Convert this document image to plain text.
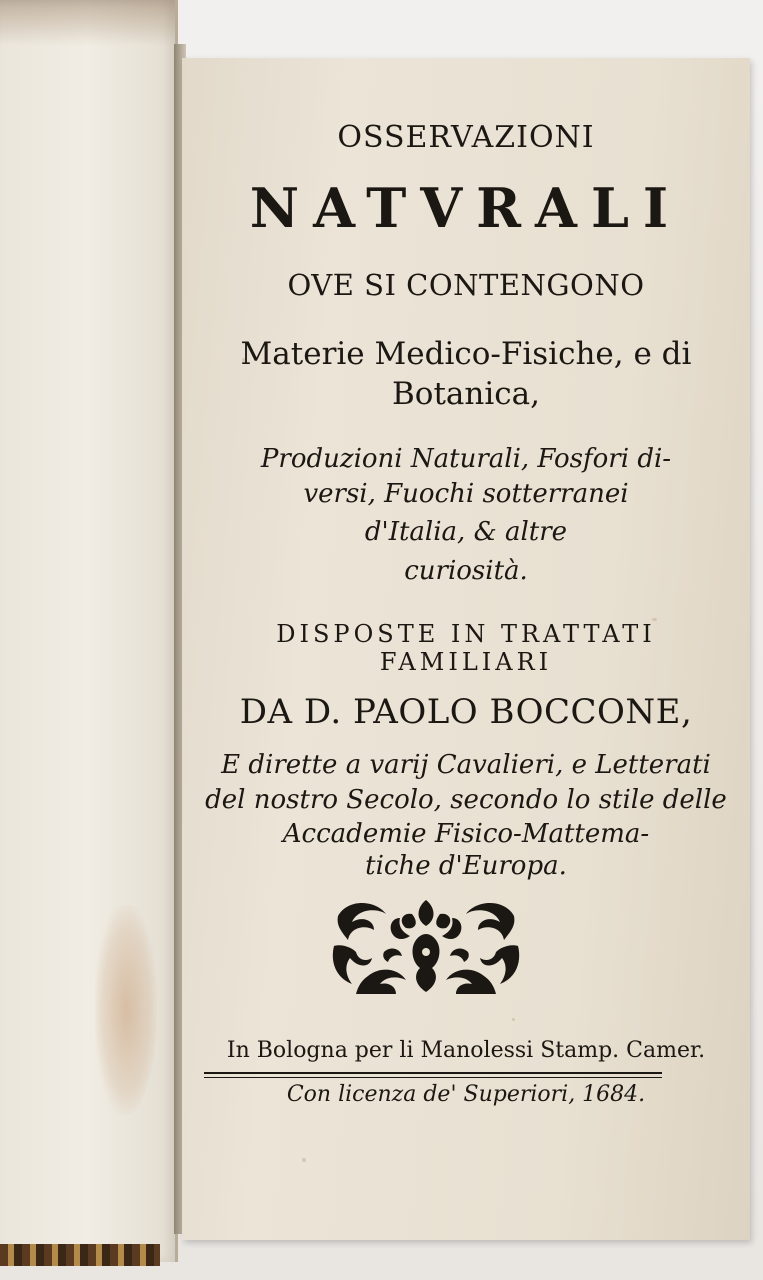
OSSERVAZIONI
NATVRALI
OVE SI CONTENGONO
Materie Medico-Fisiche, e di
Botanica,
Produzioni Naturali, Fosfori di-
versi, Fuochi sotterranei
d'Italia, & altre
curiosità.
DISPOSTE IN TRATTATI
FAMILIARI
DA D. PAOLO BOCCONE,
E dirette a varij Cavalieri, e Letterati
del nostro Secolo, secondo lo stile delle
Accademie Fisico-Mattema-
tiche d'Europa.
In Bologna per li Manolessi Stamp. Camer.
Con licenza de' Superiori, 1684.
